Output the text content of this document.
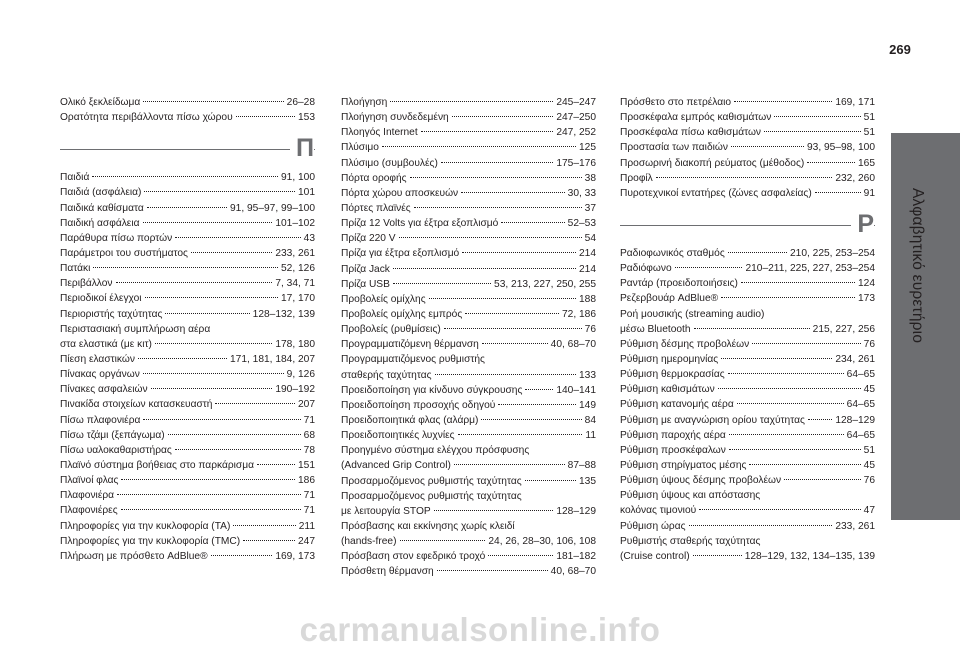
269
Αλφαβητικό ευρετήριο
Ολικό ξεκλείδωμα	26–28
Ορατότητα περιβάλλοντα πίσω χώρου	153
Π
Παιδιά	91, 100
Παιδιά (ασφάλεια)	101
Παιδικά καθίσματα	91, 95–97, 99–100
Παιδική ασφάλεια	101–102
Παράθυρα πίσω πορτών	43
Παράμετροι του συστήματος	233, 261
Πατάκι	52, 126
Περιβάλλον	7, 34, 71
Περιοδικοί έλεγχοι	17, 170
Περιοριστής ταχύτητας	128–132, 139
Περιστασιακή συμπλήρωση αέρα
στα ελαστικά (με κιτ)	178, 180
Πίεση ελαστικών	171, 181, 184, 207
Πίνακας οργάνων	9, 126
Πίνακες ασφαλειών	190–192
Πινακίδα στοιχείων κατασκευαστή	207
Πίσω πλαφονιέρα	71
Πίσω τζάμι (ξεπάγωμα)	68
Πίσω υαλοκαθαριστήρας	78
Πλαϊνό σύστημα βοήθειας στο παρκάρισμα	151
Πλαϊνοί φλας	186
Πλαφονιέρα	71
Πλαφονιέρες	71
Πληροφορίες για την κυκλοφορία (TA)	211
Πληροφορίες για την κυκλοφορία (TMC)	247
Πλήρωση με πρόσθετο AdBlue®	169, 173
Πλοήγηση	245–247
Πλοήγηση συνδεδεμένη	247–250
Πλοηγός Internet	247, 252
Πλύσιμο	125
Πλύσιμο (συμβουλές)	175–176
Πόρτα οροφής	38
Πόρτα χώρου αποσκευών	30, 33
Πόρτες πλαϊνές	37
Πρίζα 12 Volts για έξτρα εξοπλισμό	52–53
Πρίζα 220 V	54
Πρίζα για έξτρα εξοπλισμό	214
Πρίζα Jack	214
Πρίζα USB	53, 213, 227, 250, 255
Προβολείς ομίχλης	188
Προβολείς ομίχλης εμπρός	72, 186
Προβολείς (ρυθμίσεις)	76
Προγραμματιζόμενη θέρμανση	40, 68–70
Προγραμματιζόμενος ρυθμιστής
σταθερής ταχύτητας	133
Προειδοποίηση για κίνδυνο σύγκρουσης	140–141
Προειδοποίηση προσοχής οδηγού	149
Προειδοποιητικά φλας (αλάρμ)	84
Προειδοποιητικές λυχνίες	11
Προηγμένο σύστημα ελέγχου πρόσφυσης
(Advanced Grip Control)	87–88
Προσαρμοζόμενος ρυθμιστής ταχύτητας	135
Προσαρμοζόμενος ρυθμιστής ταχύτητας
με λειτουργία STOP	128–129
Πρόσβασης και εκκίνησης χωρίς κλειδί
(hands-free)	24, 26, 28–30, 106, 108
Πρόσβαση στον εφεδρικό τροχό	181–182
Πρόσθετη θέρμανση	40, 68–70
Πρόσθετο στο πετρέλαιο	169, 171
Προσκέφαλα εμπρός καθισμάτων	51
Προσκέφαλα πίσω καθισμάτων	51
Προστασία των παιδιών	93, 95–98, 100
Προσωρινή διακοπή ρεύματος (μέθοδος)	165
Προφίλ	232, 260
Πυροτεχνικοί εντατήρες (ζώνες ασφαλείας)	91
Ρ
Ραδιοφωνικός σταθμός	210, 225, 253–254
Ραδιόφωνο	210–211, 225, 227, 253–254
Ραντάρ (προειδοποιήσεις)	124
Ρεζερβουάρ AdBlue®	173
Ροή μουσικής (streaming audio)
μέσω Bluetooth	215, 227, 256
Ρύθμιση δέσμης προβολέων	76
Ρύθμιση ημερομηνίας	234, 261
Ρύθμιση θερμοκρασίας	64–65
Ρύθμιση καθισμάτων	45
Ρύθμιση κατανομής αέρα	64–65
Ρύθμιση με αναγνώριση ορίου ταχύτητας	128–129
Ρύθμιση παροχής αέρα	64–65
Ρύθμιση προσκέφαλων	51
Ρύθμιση στηρίγματος μέσης	45
Ρύθμιση ύψους δέσμης προβολέων	76
Ρύθμιση ύψους και απόστασης
κολόνας τιμονιού	47
Ρύθμιση ώρας	233, 261
Ρυθμιστής σταθερής ταχύτητας
(Cruise control)	128–129, 132, 134–135, 139
carmanualsonline.info
